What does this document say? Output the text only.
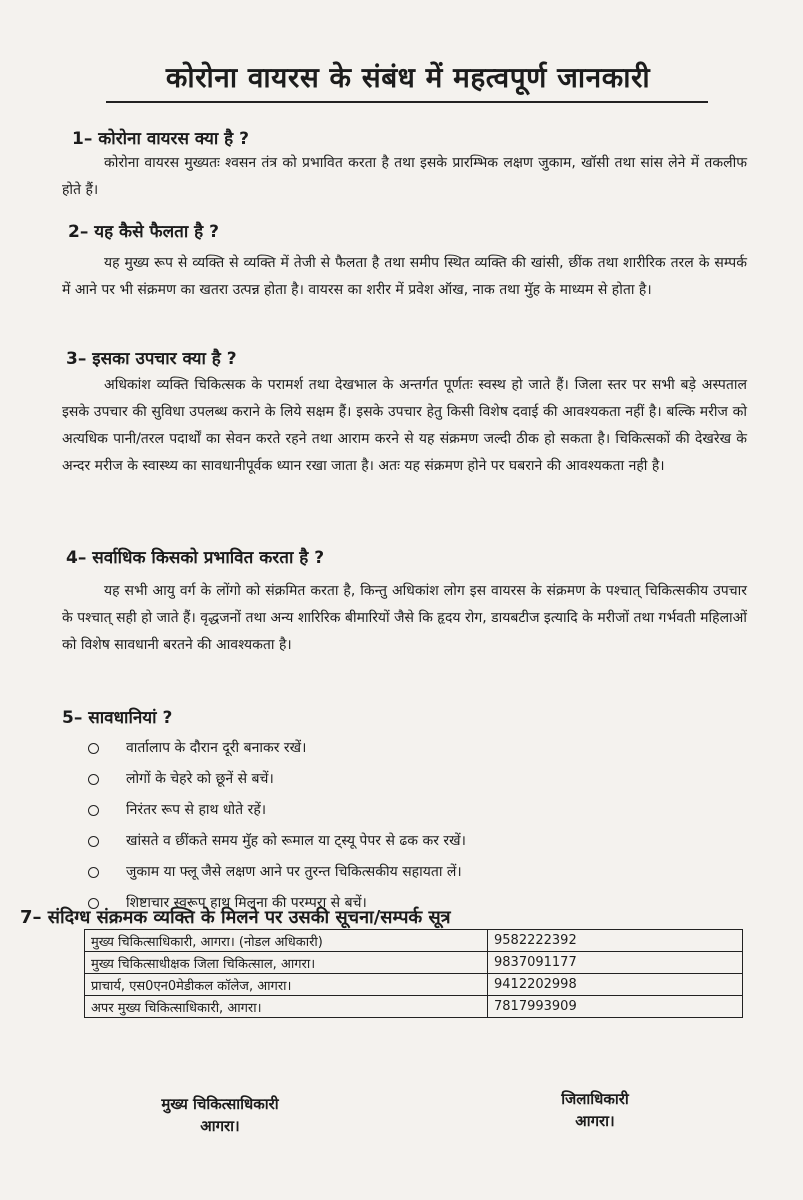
कोरोना वायरस के संबंध में महत्वपूर्ण जानकारी
1– कोरोना वायरस क्या है ?
कोरोना वायरस मुख्यतः श्वसन तंत्र को प्रभावित करता है तथा इसके प्रारम्भिक लक्षण जुकाम, खॉसी तथा सांस लेने में तकलीफ होते हैं।
2– यह कैसे फैलता है ?
यह मुख्य रूप से व्यक्ति से व्यक्ति में तेजी से फैलता है तथा समीप स्थित व्यक्ति की खांसी, छींक तथा शारीरिक तरल के सम्पर्क में आने पर भी संक्रमण का खतरा उत्पन्न होता है। वायरस का शरीर में प्रवेश ऑख, नाक तथा मुॅह के माध्यम से होता है।
3– इसका उपचार क्या है ?
अधिकांश व्यक्ति चिकित्सक के परामर्श तथा देखभाल के अन्तर्गत पूर्णतः स्वस्थ हो जाते हैं। जिला स्तर पर सभी बड़े अस्पताल इसके उपचार की सुविधा उपलब्ध कराने के लिये सक्षम हैं। इसके उपचार हेतु किसी विशेष दवाई की आवश्यकता नहीं है। बल्कि मरीज को अत्यधिक पानी/तरल पदार्थों का सेवन करते रहने तथा आराम करने से यह संक्रमण जल्दी ठीक हो सकता है। चिकित्सकों की देखरेख के अन्दर मरीज के स्वास्थ्य का सावधानीपूर्वक ध्यान रखा जाता है। अतः यह संक्रमण होने पर घबराने की आवश्यकता नही है।
4– सर्वाधिक किसको प्रभावित करता है ?
यह सभी आयु वर्ग के लोंगो को संक्रमित करता है, किन्तु अधिकांश लोग इस वायरस के संक्रमण के पश्चात् चिकित्सकीय उपचार के पश्चात् सही हो जाते हैं। वृद्धजनों तथा अन्य शारिरिक बीमारियों जैसे कि हृदय रोग, डायबटीज इत्यादि के मरीजों तथा गर्भवती महिलाओं को विशेष सावधानी बरतने की आवश्यकता है।
5– सावधानियां ?
वार्तालाप के दौरान दूरी बनाकर रखें।
लोगों के चेहरे को छूनें से बचें।
निरंतर रूप से हाथ धोते रहें।
खांसते व छींकते समय मुॅह को रूमाल या ट्स्यू पेपर से ढक कर रखें।
जुकाम या फ्लू जैसे लक्षण आने पर तुरन्त चिकित्सकीय सहायता लें।
शिष्टाचार स्वरूप हाथ मिलना की परम्परा से बचें।
7– संदिग्ध संक्रमक व्यक्ति के मिलने पर उसकी सूचना/सम्पर्क सूत्र
मुख्य चिकित्साधिकारी, आगरा। (नोडल अधिकारी)	9582222392
मुख्य चिकित्साधीक्षक जिला चिकित्साल, आगरा।	9837091177
प्राचार्य, एस0एन0मेडीकल कॉलेज, आगरा।	9412202998
अपर मुख्य चिकित्साधिकारी, आगरा।	7817993909
मुख्य चिकित्साधिकारी
आगरा।
जिलाधिकारी
आगरा।
